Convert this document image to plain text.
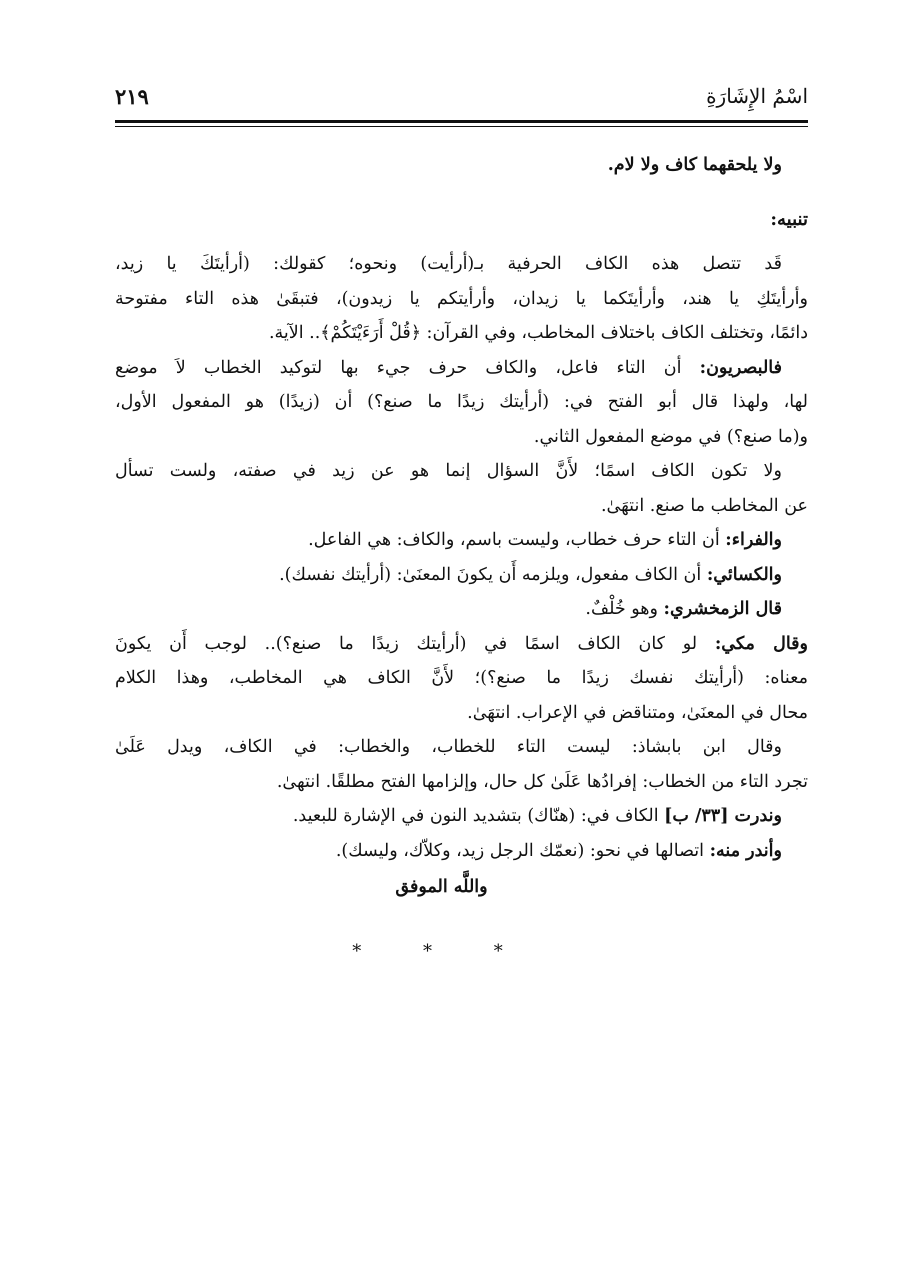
اسْمُ الإِشَارَةِ
٢١٩
ولا يلحقهما كاف ولا لام.
تنبيه:
قَد تتصل هذه الكاف الحرفية بـ(أرأيت) ونحوه؛ كقولك: (أرأيتَكَ يا زيد،
وأرأيتَكِ يا هند، وأرأيتَكما يا زيدان، وأرأيتكم يا زيدون)، فتبقَىٰ هذه التاء مفتوحة
دائمًا، وتختلف الكاف باختلاف المخاطب، وفي القرآن: ﴿قُلْ أَرَءَيْتَكُمْ﴾.. الآية.
فالبصريون: أن التاء فاعل، والكاف حرف جيء بها لتوكيد الخطاب لاَ موضع
لها، ولهذا قال أبو الفتح في: (أرأيتك زيدًا ما صنع؟) أن (زيدًا) هو المفعول الأول،
و(ما صنع؟) في موضع المفعول الثاني.
ولا تكون الكاف اسمًا؛ لأَنَّ السؤال إنما هو عن زيد في صفته، ولست تسأل
عن المخاطب ما صنع. انتهَىٰ.
والفراء: أن التاء حرف خطاب، وليست باسم، والكاف: هي الفاعل.
والكسائي: أن الكاف مفعول، ويلزمه أَن يكونَ المعنَىٰ: (أرأيتك نفسك).
قال الزمخشري: وهو خُلْفٌ.
وقال مكي: لو كان الكاف اسمًا في (أرأيتك زيدًا ما صنع؟).. لوجب أَن يكونَ
معناه: (أرأيتك نفسك زيدًا ما صنع؟)؛ لأَنَّ الكاف هي المخاطب، وهذا الكلام
محال في المعنَىٰ، ومتناقض في الإعراب. انتهَىٰ.
وقال ابن بابشاذ: ليست التاء للخطاب، والخطاب: في الكاف، ويدل عَلَىٰ
تجرد التاء من الخطاب: إفرادُها عَلَىٰ كل حال، وإلزامها الفتح مطلقًا. انتهىٰ.
وندرت [٣٣/ ب] الكاف في: (هنّاك) بتشديد النون في الإشارة للبعيد.
وأندر منه: اتصالها في نحو: (نعمّك الرجل زيد، وكلاّك، وليسك).
واللَّه الموفق
* * *
